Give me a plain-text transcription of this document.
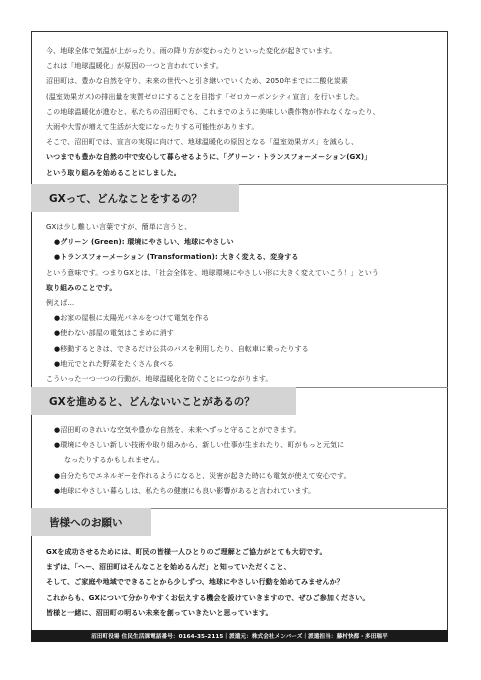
今、地球全体で気温が上がったり、雨の降り方が変わったりといった変化が起きています。
これは「地球温暖化」が原因の一つと言われています。
沼田町は、豊かな自然を守り、未来の世代へと引き継いでいくため、2050年までに二酸化炭素
(温室効果ガス)の排出量を実質ゼロにすることを目指す「ゼロカーボンシティ宣言」を行いました。
この地球温暖化が進むと、私たちの沼田町でも、これまでのように美味しい農作物が作れなくなったり、
大雨や大雪が増えて生活が大変になったりする可能性があります。
そこで、沼田町では、宣言の実現に向けて、地球温暖化の原因となる「温室効果ガス」を減らし、
いつまでも豊かな自然の中で安心して暮らせるように、「グリーン・トランスフォーメーション(GX)」
という取り組みを始めることにしました。
GXって、どんなことをするの？
GXは少し難しい言葉ですが、簡単に言うと、
●グリーン (Green): 環境にやさしい、地球にやさしい
●トランスフォーメーション (Transformation): 大きく変える、変身する
という意味です。つまりGXとは、「社会全体を、地球環境にやさしい形に大きく変えていこう！」という
取り組みのことです。
例えば…
●お家の屋根に太陽光パネルをつけて電気を作る
●使わない部屋の電気はこまめに消す
●移動するときは、できるだけ公共のバスを利用したり、自転車に乗ったりする
●地元でとれた野菜をたくさん食べる
こういった一つ一つの行動が、地球温暖化を防ぐことにつながります。
GXを進めると、どんないいことがあるの？
●沼田町のきれいな空気や豊かな自然を、未来へずっと守ることができます。
●環境にやさしい新しい技術や取り組みから、新しい仕事が生まれたり、町がもっと元気に
なったりするかもしれません。
●自分たちでエネルギーを作れるようになると、災害が起きた時にも電気が使えて安心です。
●地球にやさしい暮らしは、私たちの健康にも良い影響があると言われています。
皆様へのお願い
GXを成功させるためには、町民の皆様一人ひとりのご理解とご協力がとても大切です。
まずは、「へー、沼田町はそんなことを始めるんだ」と知っていただくこと、
そして、ご家庭や地域でできることから少しずつ、地球にやさしい行動を始めてみませんか？
これからも、GXについて分かりやすくお伝えする機会を設けていきますので、ぜひご参加ください。
皆様と一緒に、沼田町の明るい未来を創っていきたいと思っています。
沼田町役場 住民生活課電話番号：0164-35-2115｜派遣元：株式会社メンバーズ｜派遣担当：藤村快都・多田瑞平
